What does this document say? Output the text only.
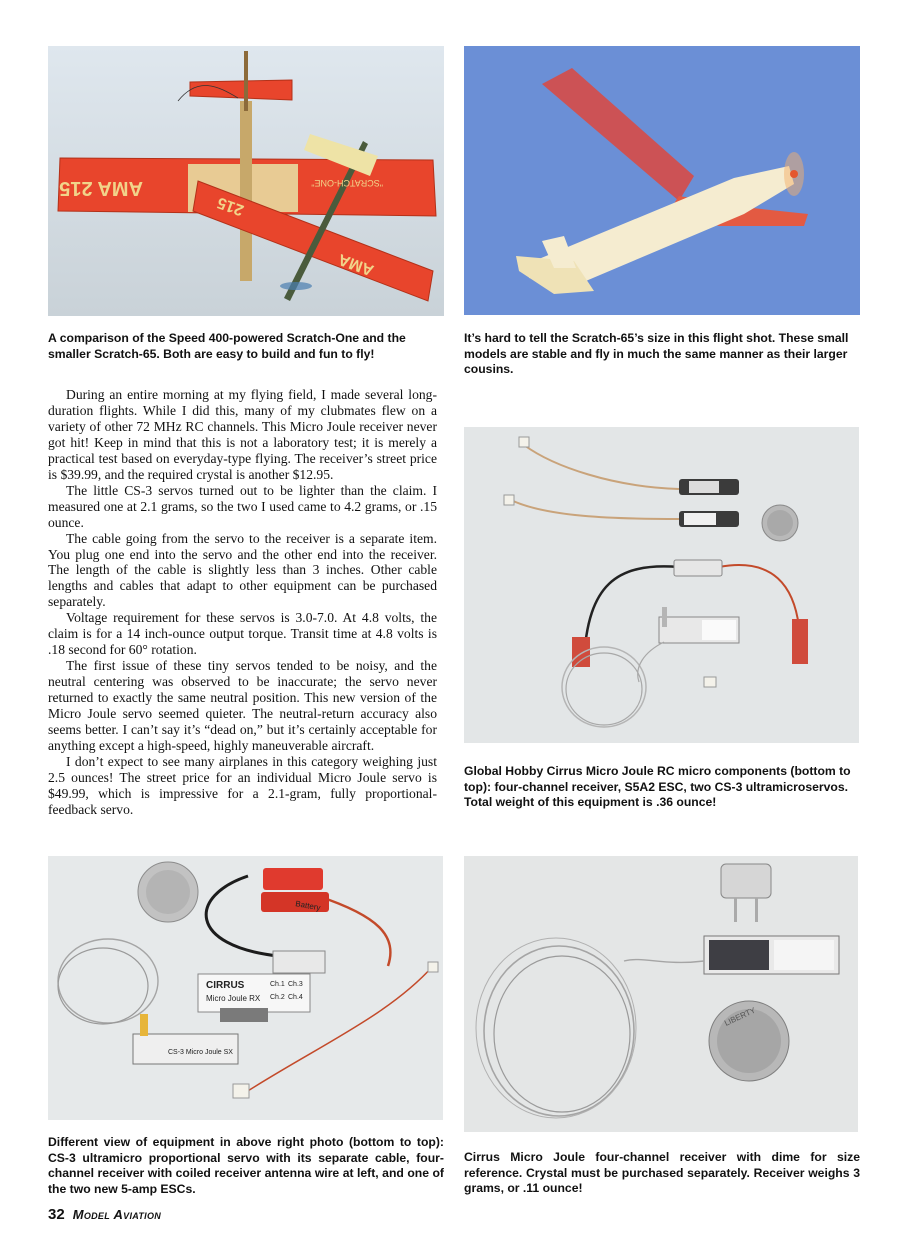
AMA 215	"SCRATCH-ONE"
215
AMA

A comparison of the Speed 400-powered Scratch-One and the smaller Scratch-65. Both are easy to build and fun to fly!

It’s hard to tell the Scratch-65’s size in this flight shot. These small models are stable and fly in much the same manner as their larger cousins.

During an entire morning at my flying field, I made several long-duration flights. While I did this, many of my clubmates flew on a variety of other 72 MHz RC channels. This Micro Joule receiver never got hit! Keep in mind that this is not a laboratory test; it is merely a practical test based on everyday-type flying. The receiver’s street price is $39.99, and the required crystal is another $12.95.

The little CS-3 servos turned out to be lighter than the claim. I measured one at 2.1 grams, so the two I used came to 4.2 grams, or .15 ounce.

The cable going from the servo to the receiver is a separate item. You plug one end into the servo and the other end into the receiver. The length of the cable is slightly less than 3 inches. Other cable lengths and cables that adapt to other equipment can be purchased separately.

Voltage requirement for these servos is 3.0-7.0. At 4.8 volts, the claim is for a 14 inch-ounce output torque. Transit time at 4.8 volts is .18 second for 60° rotation.

The first issue of these tiny servos tended to be noisy, and the neutral centering was observed to be inaccurate; the servo never returned to exactly the same neutral position. This new version of the Micro Joule servo seemed quieter. The neutral-return accuracy also seems better. I can’t say it’s “dead on,” but it’s certainly acceptable for anything except a high-speed, highly maneuverable aircraft.

I don’t expect to see many airplanes in this category weighing just 2.5 ounces! The street price for an individual Micro Joule servo is $49.99, which is impressive for a 2.1-gram, fully proportional-feedback servo.

Global Hobby Cirrus Micro Joule RC micro components (bottom to top): four-channel receiver, S5A2 ESC, two CS-3 ultramicroservos. Total weight of this equipment is .36 ounce!

Battery
CIRRUS
Micro Joule RX
Ch.1 Ch.3
Ch.2 Ch.4
CS-3 Micro Joule SX

Different view of equipment in above right photo (bottom to top): CS-3 ultramicro proportional servo with its separate cable, four-channel receiver with coiled receiver antenna wire at left, and one of the two new 5-amp ESCs.

LIBERTY

Cirrus Micro Joule four-channel receiver with dime for size reference. Crystal must be purchased separately. Receiver weighs 3 grams, or .11 ounce!

32 Model Aviation
